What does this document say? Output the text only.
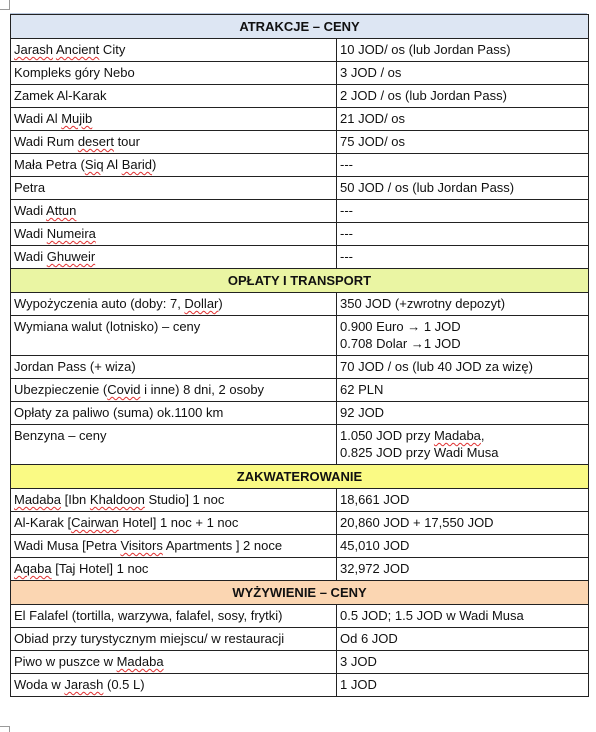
ATRAKCJE – CENY	
Jarash Ancient City	10 JOD/ os (lub Jordan Pass)
Kompleks góry Nebo	3 JOD / os
Zamek Al-Karak	2 JOD / os (lub Jordan Pass)
Wadi Al Mujib	21 JOD/ os
Wadi Rum desert tour	75 JOD/ os
Mała Petra (Siq Al Barid)	---
Petra	50 JOD / os (lub Jordan Pass)
Wadi Attun	---
Wadi Numeira	---
Wadi Ghuweir	---
OPŁATY I TRANSPORT	
Wypożyczenia auto (doby: 7, Dollar)	350 JOD (+zwrotny depozyt)
Wymiana walut (lotnisko) – ceny	0.900 Euro → 1 JOD
0.708 Dolar →1 JOD

Jordan Pass (+ wiza)	70 JOD / os (lub 40 JOD za wizę)
Ubezpieczenie (Covid i inne) 8 dni, 2 osoby	62 PLN
Opłaty za paliwo (suma) ok.1100 km	92 JOD
Benzyna – ceny	1.050 JOD przy Madaba,
0.825 JOD przy Wadi Musa

ZAKWATEROWANIE	
Madaba [Ibn Khaldoon Studio] 1 noc	18,661 JOD
Al-Karak [Cairwan Hotel] 1 noc + 1 noc	20,860 JOD + 17,550 JOD
Wadi Musa [Petra Visitors Apartments ] 2 noce	45,010 JOD
Aqaba [Taj Hotel] 1 noc	32,972 JOD
WYŻYWIENIE – CENY	
El Falafel (tortilla, warzywa, falafel, sosy, frytki)	0.5 JOD; 1.5 JOD w Wadi Musa
Obiad przy turystycznym miejscu/ w restauracji	Od 6 JOD
Piwo w puszce w Madaba	3 JOD
Woda w Jarash (0.5 L)	1 JOD
